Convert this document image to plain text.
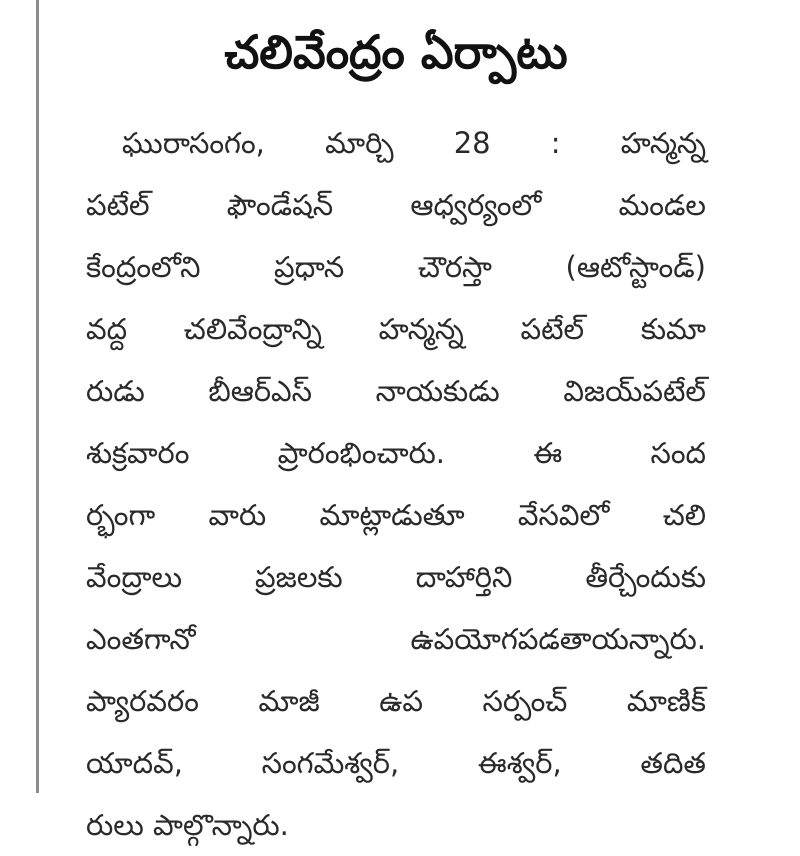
చలివేంద్రం ఏర్పాటు
ఘురాసంగం, మార్చి 28 : హన్మన్న
పటేల్ ఫౌండేషన్ ఆధ్వర్యంలో మండల
కేంద్రంలోని ప్రధాన చౌరస్తా (ఆటోస్టాండ్)
వద్ద చలివేంద్రాన్ని హన్మన్న పటేల్ కుమా
రుడు బీఆర్ఎస్ నాయకుడు విజయ్‌పటేల్
శుక్రవారం ప్రారంభించారు. ఈ సంద
ర్భంగా వారు మాట్లాడుతూ వేసవిలో చలి
వేంద్రాలు ప్రజలకు దాహార్తిని తీర్చేందుకు
ఎంతగానో ఉపయోగపడతాయన్నారు.
ప్యారవరం మాజీ ఉప సర్పంచ్ మాణిక్
యాదవ్, సంగమేశ్వర్, ఈశ్వర్, తదిత
రులు పాల్గొన్నారు.
